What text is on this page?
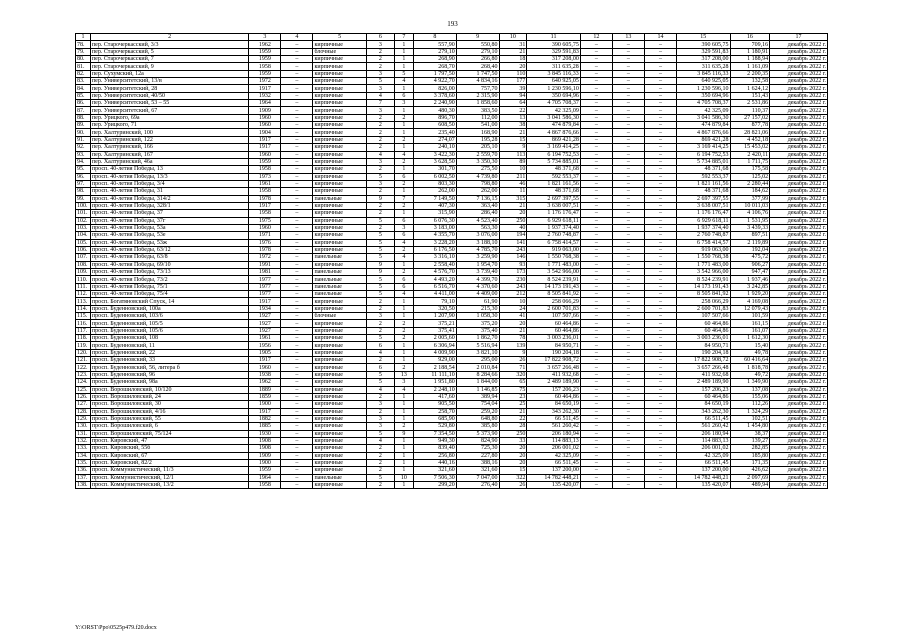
193
1	2	3	4	5	6	7	8	9	10	11	12	13	14	15	16	17
78.	пер. Старочеркасский, 3/3	1962	–	кирпичные	3	1	557,90	550,80	31	390 605,75	–	–	–	390 605,75	709,16	декабрь 2022 г.
79.	пер. Старочеркасский, 5	1959	–	блочные	2	1	279,10	279,10	21	329 591,83	–	–	–	329 591,83	1 180,91	декабрь 2022 г.
80.	пер. Старочеркасский, 7	1959	–	кирпичные	2	1	268,90	266,80	18	317 208,00	–	–	–	317 208,00	1 188,94	декабрь 2022 г.
81.	пер. Старочеркасский, 9	1958	–	кирпичные	2	1	268,70	268,40	20	311 635,28	–	–	–	311 635,28	1 161,09	декабрь 2022 г.
82.	пер. Сухумский, 12а	1959	–	кирпичные	3	5	1 797,50	1 747,50	110	3 845 116,33	–	–	–	3 845 116,33	2 200,35	декабрь 2022 г.
83.	пер. Университетский, 13/в	1972	–	кирпичные	5	4	4 922,70	4 834,16	177	640 925,05	–	–	–	640 925,05	132,58	декабрь 2022 г.
84.	пер. Университетский, 28	1917	–	кирпичные	3	1	826,00	757,70	39	1 230 596,10	–	–	–	1 230 596,10	1 624,12	декабрь 2022 г.
85.	пер. Университетский, 40/50	1932	–	кирпичные	4	6	3 378,60	2 315,90	94	350 694,96	–	–	–	350 694,96	151,43	декабрь 2022 г.
86.	пер. Университетский, 53 – 55	1964	–	кирпичные	7	3	2 240,90	1 858,60	64	4 705 708,37	–	–	–	4 705 708,37	2 531,86	декабрь 2022 г.
87.	пер. Университетский, 67	1909	–	кирпичные	3	1	480,30	383,50	22	42 325,09	–	–	–	42 325,09	110,37	декабрь 2022 г.
88.	пер. Урицкого, 69а	1960	–	кирпичные	2	2	896,70	112,00	13	3 041 586,30	–	–	–	3 041 586,30	27 157,02	декабрь 2022 г.
89.	пер. Урицкого, 71	1960	–	кирпичные	2	1	608,50	541,00	38	474 879,84	–	–	–	474 879,84	877,78	декабрь 2022 г.
90.	пер. Халтуринский, 100	1904	–	кирпичные	2	1	235,40	168,90	21	4 867 876,66	–	–	–	4 867 876,66	28 821,06	декабрь 2022 г.
91.	пер. Халтуринский, 122	1917	–	кирпичные	2	2	274,07	195,28	15	869 421,28	–	–	–	869 421,28	4 452,18	декабрь 2022 г.
92.	пер. Халтуринский, 166	1917	–	кирпичные	2	1	240,10	205,10	9	3 169 414,25	–	–	–	3 169 414,25	15 453,02	декабрь 2022 г.
93.	пер. Халтуринский, 167	1960	–	кирпичные	4	4	3 422,30	2 559,70	113	6 194 752,53	–	–	–	6 194 752,53	2 420,11	декабрь 2022 г.
94.	пер. Халтуринский, 46а	1959	–	кирпичные	3	2	3 628,50	3 350,30	89	5 734 885,01	–	–	–	5 734 885,01	1 711,75	декабрь 2022 г.
95.	просп. 40-летия Победы, 13	1958	–	кирпичные	2	1	301,70	275,50	10	48 371,68	–	–	–	48 371,68	175,58	декабрь 2022 г.
96.	просп. 40-летия Победы, 13/3	1973	–	кирпичные	5	6	6 002,50	4 739,80	211	592 553,37	–	–	–	592 553,37	125,02	декабрь 2022 г.
97.	просп. 40-летия Победы, 3/4	1961	–	кирпичные	3	2	803,30	798,80	46	1 821 161,56	–	–	–	1 821 161,56	2 280,44	декабрь 2022 г.
98.	просп. 40-летия Победы, 31	1958	–	кирпичные	2	1	262,00	262,00	11	48 371,68	–	–	–	48 371,68	184,62	декабрь 2022 г.
99.	просп. 40-летия Победы, 314/2	1978	–	панельные	9	7	7 149,50	7 136,15	315	2 697 397,55	–	–	–	2 697 397,55	377,99	декабрь 2022 г.
100.	просп. 40-летия Победы, 328/1	1917	–	кирпичные	2	2	407,30	363,40	21	3 638 007,51	–	–	–	3 638 007,51	10 011,03	декабрь 2022 г.
101.	просп. 40-летия Победы, 37	1958	–	кирпичные	2	1	315,90	286,40	20	1 176 176,47	–	–	–	1 176 176,47	4 106,76	декабрь 2022 г.
102.	просп. 40-летия Победы, 37г	1975	–	кирпичные	5	6	6 076,30	4 523,40	250	6 929 618,11	–	–	–	6 929 618,11	1 531,95	декабрь 2022 г.
103.	просп. 40-летия Победы, 53а	1960	–	кирпичные	2	3	3 183,00	563,30	40	1 937 374,40	–	–	–	1 937 374,40	3 439,33	декабрь 2022 г.
104.	просп. 40-летия Победы, 53е	1971	–	кирпичные	5	6	4 355,70	3 076,00	194	2 760 748,87	–	–	–	2 760 748,87	897,51	декабрь 2022 г.
105.	просп. 40-летия Победы, 53ж	1976	–	кирпичные	5	4	3 228,20	3 188,10	141	6 758 414,57	–	–	–	6 758 414,57	2 119,89	декабрь 2022 г.
106.	просп. 40-летия Победы, 63/12	1978	–	кирпичные	5	2	6 176,50	4 785,70	243	919 063,00	–	–	–	919 063,00	192,04	декабрь 2022 г.
107.	просп. 40-летия Победы, 63/8	1972	–	панельные	5	4	3 316,10	3 259,90	146	1 550 768,38	–	–	–	1 550 768,38	475,72	декабрь 2022 г.
108.	просп. 40-летия Победы, 69/10	1991	–	кирпичные	9	1	2 558,40	1 954,70	93	1 771 483,00	–	–	–	1 771 483,00	906,27	декабрь 2022 г.
109.	просп. 40-летия Победы, 73/13	1981	–	панельные	9	2	4 576,70	3 739,40	173	3 542 966,00	–	–	–	3 542 966,00	947,47	декабрь 2022 г.
110.	просп. 40-летия Победы, 73/2	1977	–	панельные	5	6	4 493,20	4 399,70	230	8 524 239,91	–	–	–	8 524 239,91	1 937,46	декабрь 2022 г.
111.	просп. 40-летия Победы, 75/1	1977	–	панельные	5	6	6 516,70	4 370,60	243	14 173 191,43	–	–	–	14 173 191,43	3 242,85	декабрь 2022 г.
112.	просп. 40-летия Победы, 75/4	1977	–	панельные	5	4	4 411,00	4 409,00	212	8 505 841,92	–	–	–	8 505 841,92	1 929,20	декабрь 2022 г.
113.	просп. Богатяновский Спуск, 14	1917	–	кирпичные	2	1	79,10	61,90	10	258 066,29	–	–	–	258 066,29	4 169,08	декабрь 2022 г.
114.	просп. Буденновский, 100а	1934	–	кирпичные	2	1	320,50	215,30	24	2 600 701,83	–	–	–	2 600 701,83	12 079,43	декабрь 2022 г.
115.	просп. Буденновский, 103/6	1927	–	блочные	3	1	1 207,90	1 058,30	41	107 507,66	–	–	–	107 507,66	101,59	декабрь 2022 г.
116.	просп. Буденновский, 105/5	1927	–	кирпичные	2	2	375,21	375,20	20	60 464,86	–	–	–	60 464,86	161,15	декабрь 2022 г.
117.	просп. Буденновский, 105/6	1927	–	кирпичные	2	2	375,41	375,40	21	60 464,86	–	–	–	60 464,86	161,07	декабрь 2022 г.
118.	просп. Буденновский, 108	1961	–	кирпичные	5	2	2 005,60	1 862,70	78	3 003 236,01	–	–	–	3 003 236,01	1 612,30	декабрь 2022 г.
119.	просп. Буденновский, 11	1956	–	кирпичные	6	1	6 306,94	5 516,94	139	84 950,71	–	–	–	84 950,71	15,40	декабрь 2022 г.
120.	просп. Буденновский, 22	1905	–	кирпичные	4	1	4 009,90	3 821,10	9	190 204,18	–	–	–	190 204,18	49,78	декабрь 2022 г.
121.	просп. Буденновский, 33	1917	–	кирпичные	2	1	929,00	295,00	26	17 822 908,72	–	–	–	17 822 908,72	60 416,64	декабрь 2022 г.
122.	просп. Буденновский, 56, литера б	1960	–	кирпичные	6	2	2 188,54	2 010,84	71	3 657 266,48	–	–	–	3 657 266,48	1 818,78	декабрь 2022 г.
123.	просп. Буденновский, 96	1938	–	кирпичные	5	13	11 111,10	8 284,66	320	411 932,68	–	–	–	411 932,68	49,72	декабрь 2022 г.
124.	просп. Буденновский, 98а	1962	–	кирпичные	5	3	1 951,80	1 844,00	65	2 489 189,90	–	–	–	2 489 189,90	1 349,90	декабрь 2022 г.
125.	просп. Ворошиловский, 10/120	1889	–	кирпичные	4	4	2 248,10	1 146,85	75	157 206,23	–	–	–	157 206,23	137,08	декабрь 2022 г.
126.	просп. Ворошиловский, 24	1859	–	кирпичные	2	1	417,60	389,94	23	60 464,86	–	–	–	60 464,86	155,06	декабрь 2022 г.
127.	просп. Ворошиловский, 30	1900	–	кирпичные	3	1	905,50	754,04	25	84 650,19	–	–	–	84 650,19	112,26	декабрь 2022 г.
128.	просп. Ворошиловский, 4/16	1917	–	кирпичные	2	1	258,70	259,20	21	343 262,30	–	–	–	343 262,30	1 324,29	декабрь 2022 г.
129.	просп. Ворошиловский, 55	1882	–	кирпичные	3	1	685,90	648,80	22	66 511,45	–	–	–	66 511,45	102,51	декабрь 2022 г.
130.	просп. Ворошиловский, 6	1885	–	кирпичные	3	2	529,80	385,80	28	561 260,42	–	–	–	561 260,42	1 454,80	декабрь 2022 г.
131.	просп. Ворошиловский, 75/124	1930	–	кирпичные	5	9	7 354,50	5 373,90	250	206 180,94	–	–	–	206 180,94	38,37	декабрь 2022 г.
132.	просп. Кировский, 47	1908	–	кирпичные	4	1	949,30	824,90	33	114 883,13	–	–	–	114 883,13	139,27	декабрь 2022 г.
133.	просп. Кировский, 55б	1908	–	кирпичные	2	1	839,40	725,30	20	206 001,02	–	–	–	206 001,02	282,85	декабрь 2022 г.
134.	просп. Кировский, 67	1909	–	кирпичные	2	1	256,80	227,80	20	42 325,09	–	–	–	42 325,09	185,80	декабрь 2022 г.
135.	просп. Кировский, 82/2	1900	–	кирпичные	2	1	440,16	388,16	20	66 511,45	–	–	–	66 511,45	171,35	декабрь 2022 г.
136.	просп. Коммунистический, 11/3	1959	–	кирпичные	2	1	321,60	321,60	15	137 200,00	–	–	–	137 200,00	426,62	декабрь 2022 г.
137.	просп. Коммунистический, 12/1	1964	–	панельные	5	10	7 506,30	7 047,00	322	14 782 448,21	–	–	–	14 782 448,21	2 097,69	декабрь 2022 г.
138.	просп. Коммунистический, 13/2	1958	–	кирпичные	2	1	299,20	276,40	26	135 420,07	–	–	–	135 420,07	489,94	декабрь 2022 г.
Y:\ORST\Ppo\0525p479.f20.docx
